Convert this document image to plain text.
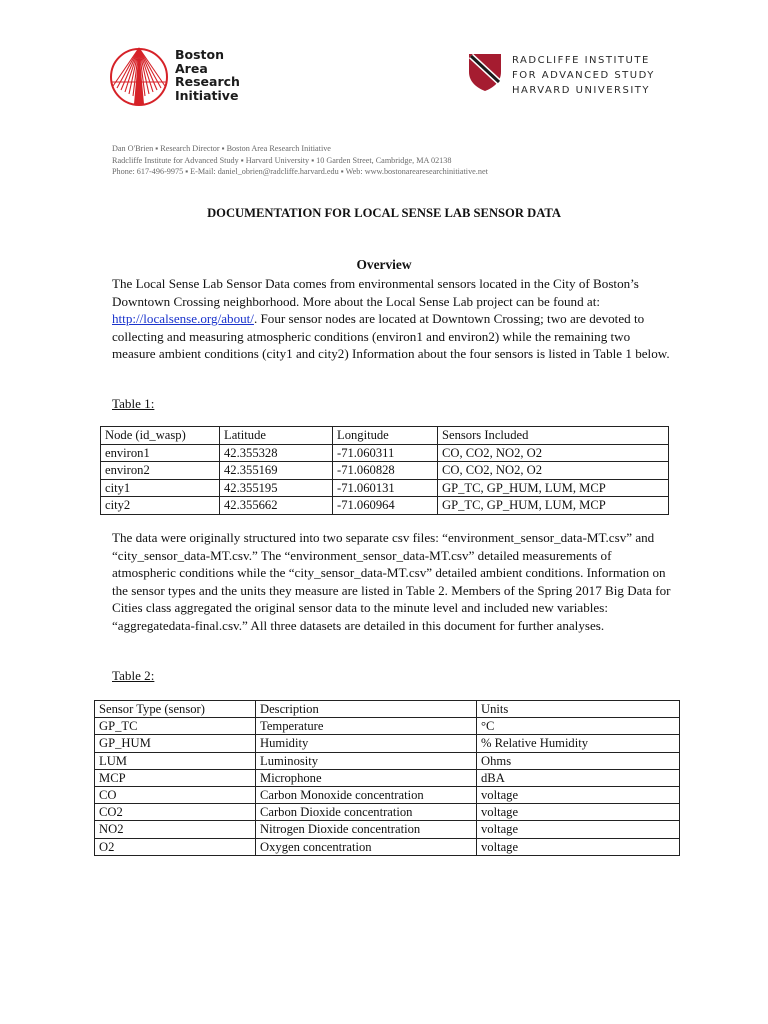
Boston
Area
Research
Initiative
RADCLIFFE INSTITUTE
FOR ADVANCED STUDY
HARVARD UNIVERSITY
Dan O'Brien ▪ Research Director ▪ Boston Area Research Initiative
Radcliffe Institute for Advanced Study ▪ Harvard University ▪ 10 Garden Street, Cambridge, MA 02138
Phone: 617-496-9975 ▪ E-Mail: daniel_obrien@radcliffe.harvard.edu ▪ Web: www.bostonarearesearchinitiative.net
DOCUMENTATION FOR LOCAL SENSE LAB SENSOR DATA
Overview

The Local Sense Lab Sensor Data comes from environmental sensors located in the City of Boston’s Downtown Crossing neighborhood. More about the Local Sense Lab project can be found at: http://localsense.org/about/. Four sensor nodes are located at Downtown Crossing; two are devoted to collecting and measuring atmospheric conditions (environ1 and environ2) while the remaining two measure ambient conditions (city1 and city2) Information about the four sensors is listed in Table 1 below.

Table 1:
Node (id_wasp)	Latitude	Longitude	Sensors Included
environ1	42.355328	-71.060311	CO, CO2, NO2, O2
environ2	42.355169	-71.060828	CO, CO2, NO2, O2
city1	42.355195	-71.060131	GP_TC, GP_HUM, LUM, MCP
city2	42.355662	-71.060964	GP_TC, GP_HUM, LUM, MCP

The data were originally structured into two separate csv files: “environment_sensor_data-MT.csv” and “city_sensor_data-MT.csv.” The “environment_sensor_data-MT.csv” detailed measurements of atmospheric conditions while the “city_sensor_data-MT.csv” detailed ambient conditions. Information on the sensor types and the units they measure are listed in Table 2. Members of the Spring 2017 Big Data for Cities class aggregated the original sensor data to the minute level and included new variables: “aggregatedata-final.csv.” All three datasets are detailed in this document for further analyses.

Table 2:
Sensor Type (sensor)	Description	Units
GP_TC	Temperature	°C
GP_HUM	Humidity	% Relative Humidity
LUM	Luminosity	Ohms
MCP	Microphone	dBA
CO	Carbon Monoxide concentration	voltage
CO2	Carbon Dioxide concentration	voltage
NO2	Nitrogen Dioxide concentration	voltage
O2	Oxygen concentration	voltage
